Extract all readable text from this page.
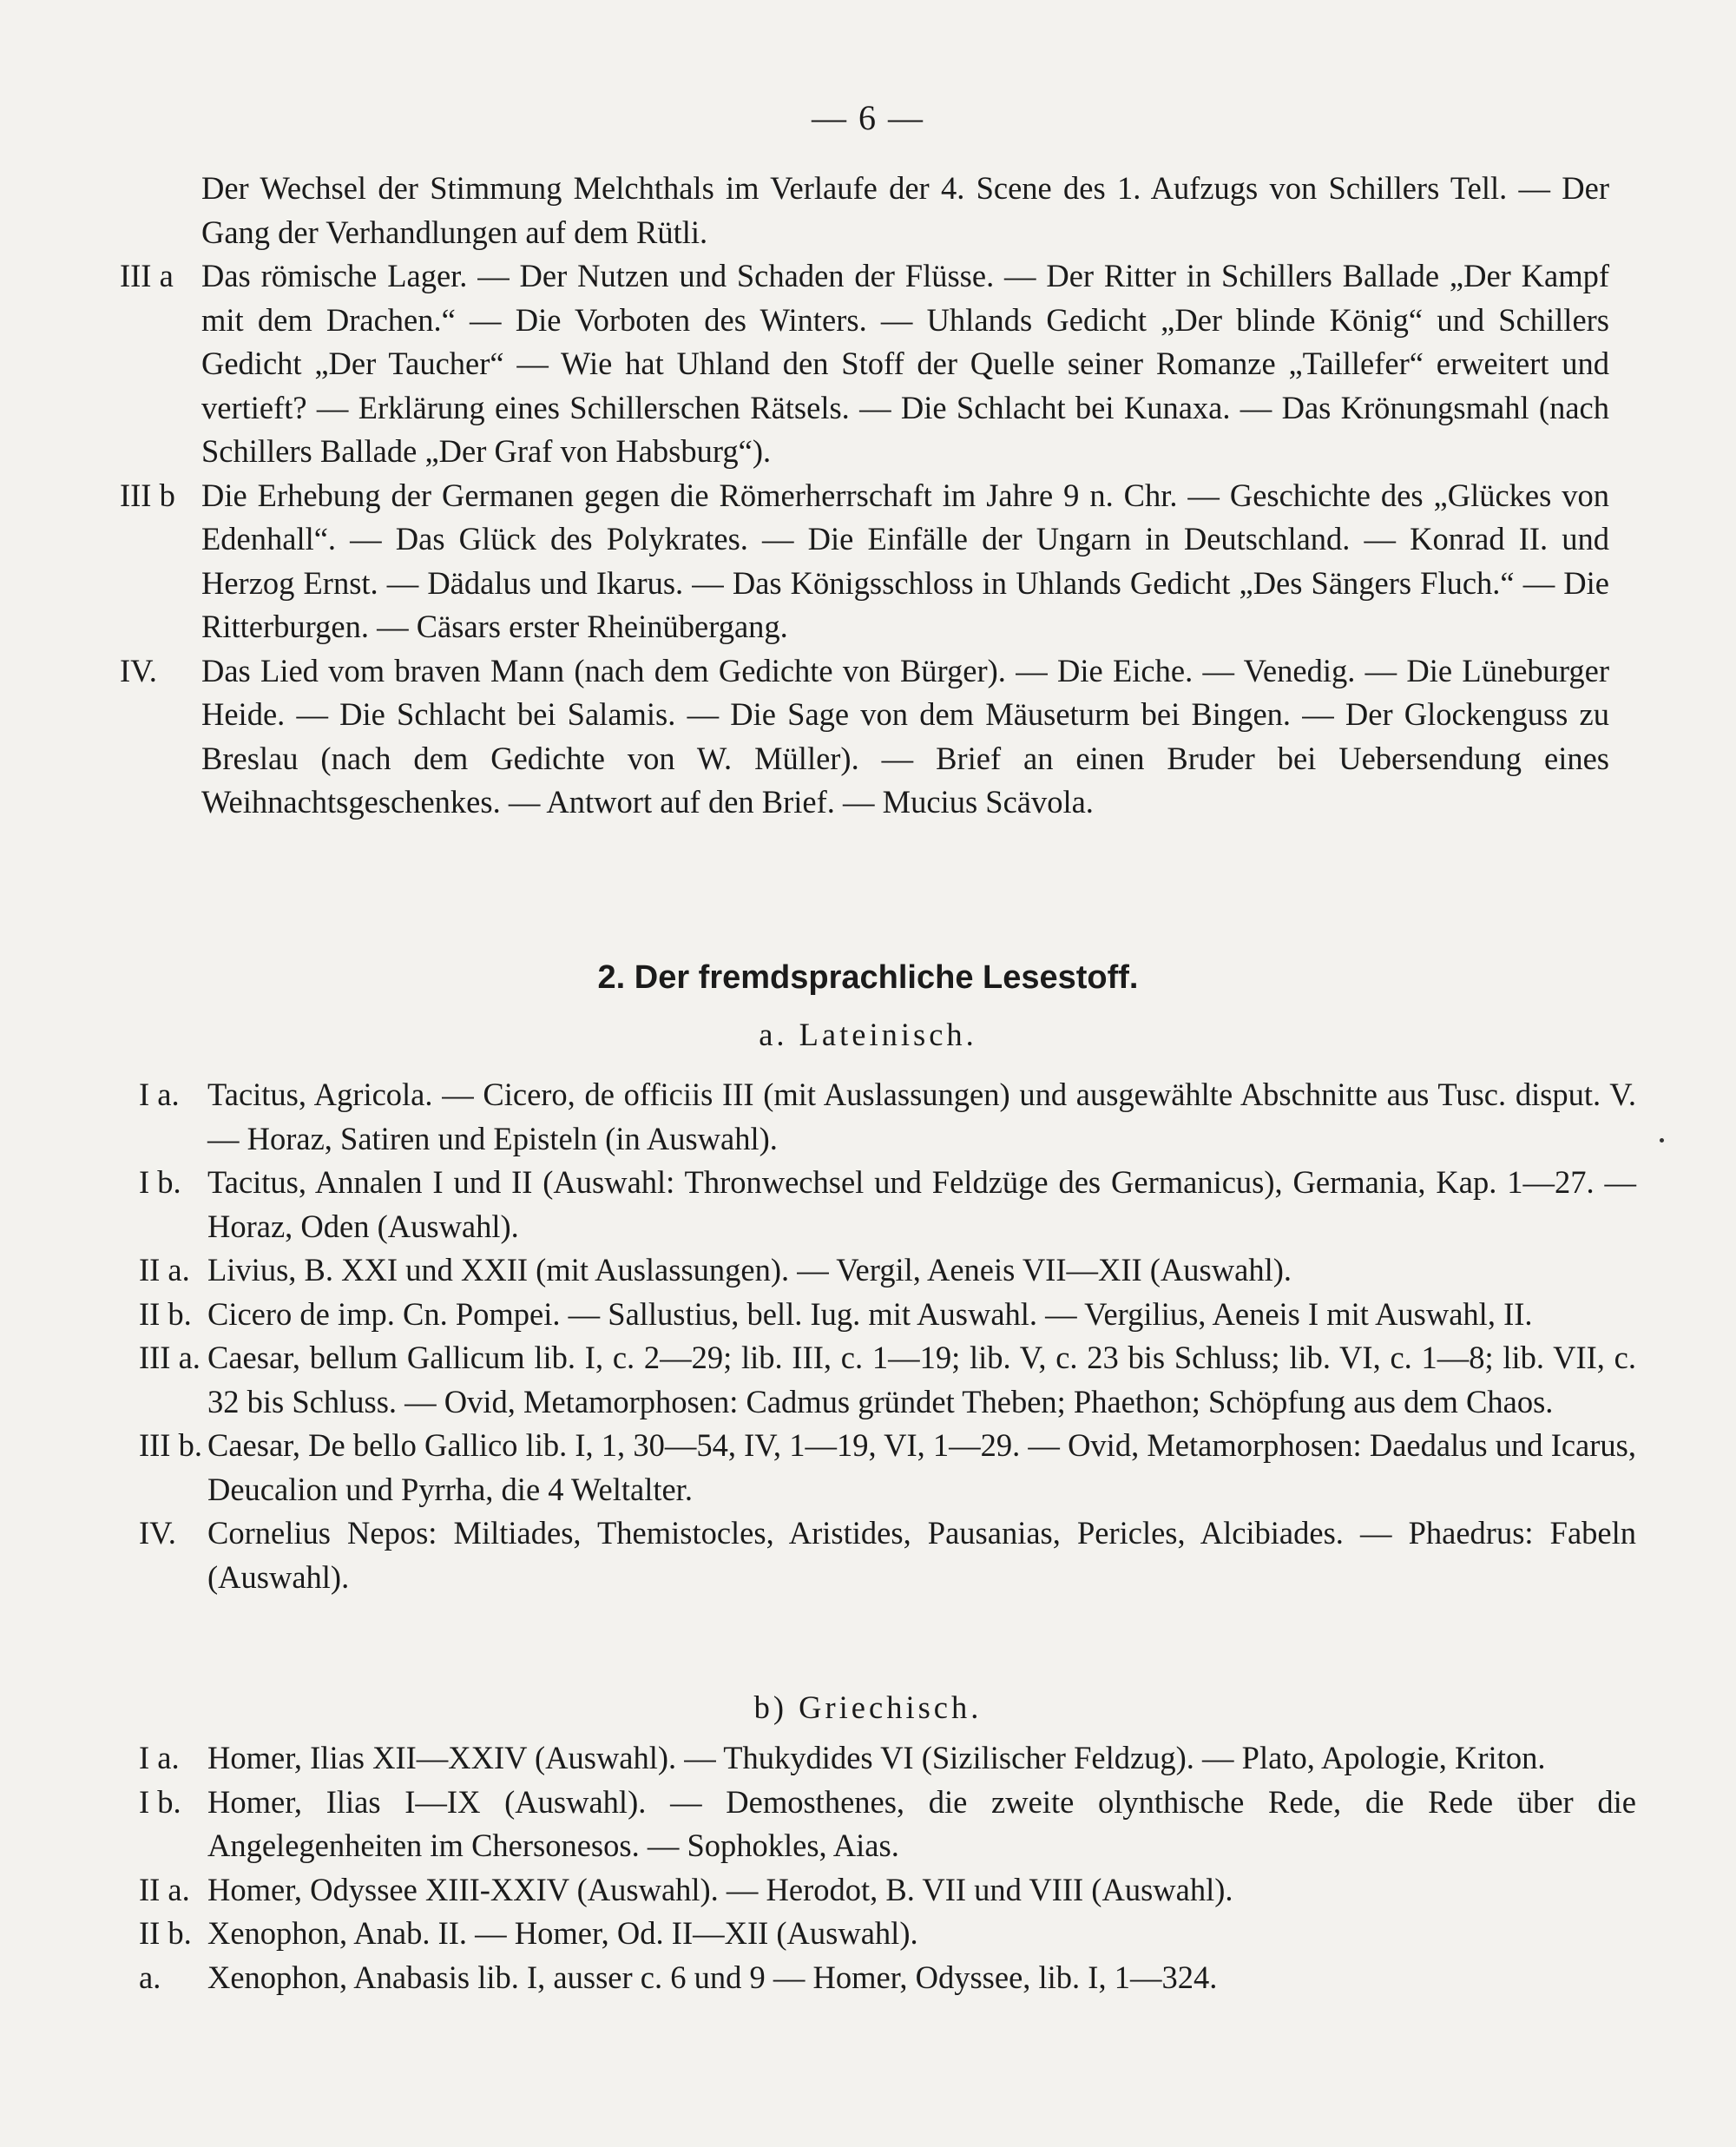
— 6 —
Der Wechsel der Stimmung Melchthals im Verlaufe der 4. Scene des 1. Aufzugs von Schillers Tell. — Der Gang der Verhandlungen auf dem Rütli.
III a Das römische Lager. — Der Nutzen und Schaden der Flüsse. — Der Ritter in Schillers Ballade „Der Kampf mit dem Drachen.“ — Die Vorboten des Winters. — Uhlands Gedicht „Der blinde König“ und Schillers Gedicht „Der Taucher“ — Wie hat Uhland den Stoff der Quelle seiner Romanze „Taillefer“ erweitert und vertieft? — Erklärung eines Schillerschen Rätsels. — Die Schlacht bei Kunaxa. — Das Krönungsmahl (nach Schillers Ballade „Der Graf von Habsburg“).
III b Die Erhebung der Germanen gegen die Römerherrschaft im Jahre 9 n. Chr. — Geschichte des „Glückes von Edenhall“. — Das Glück des Polykrates. — Die Einfälle der Ungarn in Deutschland. — Konrad II. und Herzog Ernst. — Dädalus und Ikarus. — Das Königsschloss in Uhlands Gedicht „Des Sängers Fluch.“ — Die Ritterburgen. — Cäsars erster Rheinübergang.
IV.	Das Lied vom braven Mann (nach dem Gedichte von Bürger). — Die Eiche. — Venedig. — Die Lüneburger Heide. — Die Schlacht bei Salamis. — Die Sage von dem Mäuseturm bei Bingen. — Der Glockenguss zu Breslau (nach dem Gedichte von W. Müller). — Brief an einen Bruder bei Uebersendung eines Weihnachtsgeschenkes. — Antwort auf den Brief. — Mucius Scävola.
2. Der fremdsprachliche Lesestoff.
a. Lateinisch.
I a. Tacitus, Agricola. — Cicero, de officiis III (mit Auslassungen) und ausgewählte Abschnitte aus Tusc. disput. V. — Horaz, Satiren und Episteln (in Auswahl).
I b. Tacitus, Annalen I und II (Auswahl: Thronwechsel und Feldzüge des Germanicus), Germania, Kap. 1—27. — Horaz, Oden (Auswahl).
II a. Livius, B. XXI und XXII (mit Auslassungen). — Vergil, Aeneis VII—XII (Auswahl).
II b. Cicero de imp. Cn. Pompei. — Sallustius, bell. Iug. mit Auswahl. — Vergilius, Aeneis I mit Auswahl, II.
III a. Caesar, bellum Gallicum lib. I, c. 2—29; lib. III, c. 1—19; lib. V, c. 23 bis Schluss; lib. VI, c. 1—8; lib. VII, c. 32 bis Schluss. — Ovid, Metamorphosen: Cadmus gründet Theben; Phaethon; Schöpfung aus dem Chaos.
III b. Caesar, De bello Gallico lib. I, 1, 30—54, IV, 1—19, VI, 1—29. — Ovid, Metamorphosen: Daedalus und Icarus, Deucalion und Pyrrha, die 4 Weltalter.
IV. Cornelius Nepos: Miltiades, Themistocles, Aristides, Pausanias, Pericles, Alcibiades. — Phaedrus: Fabeln (Auswahl).
b) Griechisch.
I a. Homer, Ilias XII—XXIV (Auswahl). — Thukydides VI (Sizilischer Feldzug). — Plato, Apologie, Kriton.
I b. Homer, Ilias I—IX (Auswahl). — Demosthenes, die zweite olynthische Rede, die Rede über die Angelegenheiten im Chersonesos. — Sophokles, Aias.
II a. Homer, Odyssee XIII-XXIV (Auswahl). — Herodot, B. VII und VIII (Auswahl).
II b. Xenophon, Anab. II. — Homer, Od. II—XII (Auswahl).
a.	Xenophon, Anabasis lib. I, ausser c. 6 und 9 — Homer, Odyssee, lib. I, 1—324.
